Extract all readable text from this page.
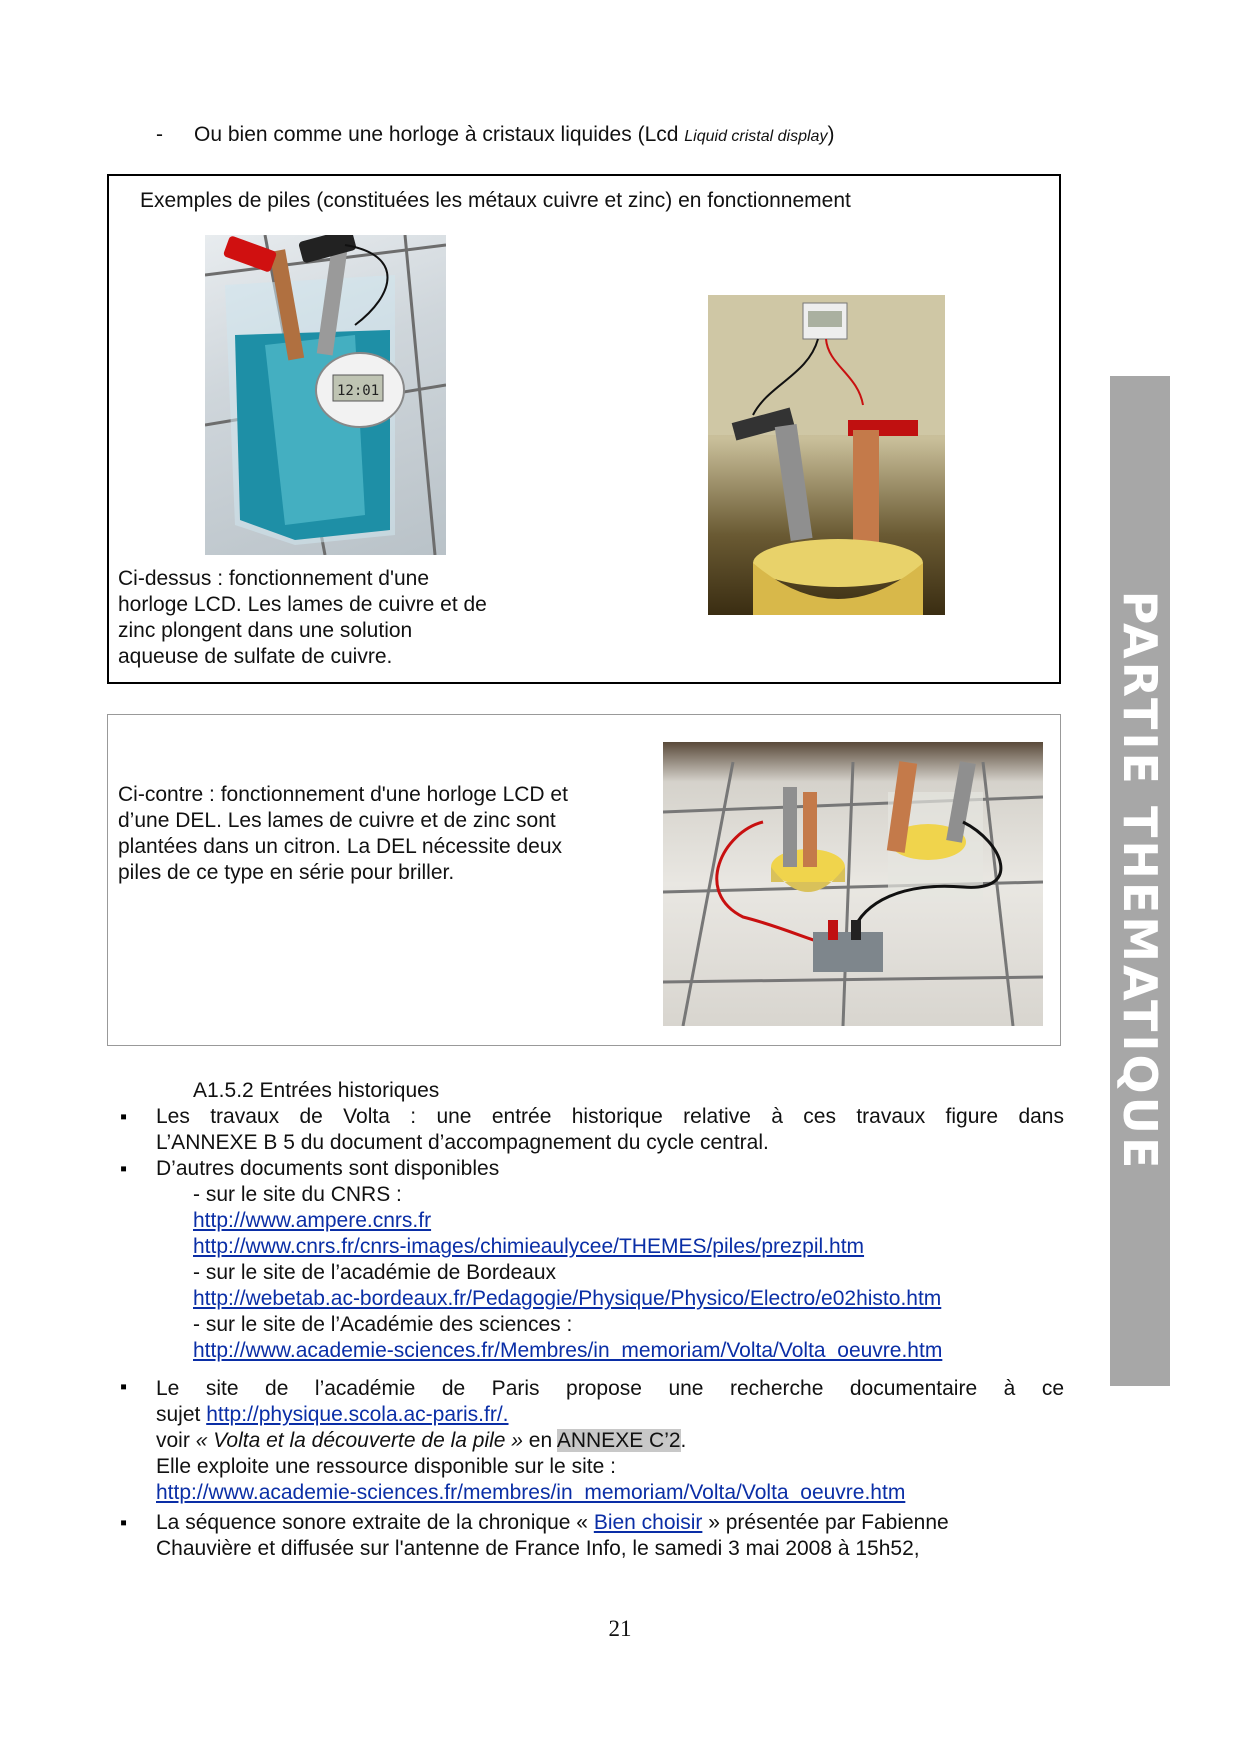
- Ou bien comme une horloge à cristaux liquides (Lcd Liquid cristal display)
Exemples de piles (constituées les métaux cuivre et zinc) en fonctionnement
12:01
Ci-dessus : fonctionnement d'une
horloge LCD. Les lames de cuivre et de
zinc plongent dans une solution
aqueuse de sulfate de cuivre.
Ci-contre : fonctionnement d'une horloge LCD et
d’une DEL. Les lames de cuivre et de zinc sont
plantées dans un citron. La DEL nécessite deux
piles de ce type en série pour briller.
A1.5.2 Entrées historiques
▪
Les travaux de Volta : une entrée historique relative à ces travaux figure dans
L’ANNEXE B 5 du document d’accompagnement du cycle central.
▪
D’autres documents sont disponibles
- sur le site du CNRS :
http://www.ampere.cnrs.fr
http://www.cnrs.fr/cnrs-images/chimieaulycee/THEMES/piles/prezpil.htm
- sur le site de l’académie de Bordeaux
http://webetab.ac-bordeaux.fr/Pedagogie/Physique/Physico/Electro/e02histo.htm
- sur le site de l’Académie des sciences :
http://www.academie-sciences.fr/Membres/in_memoriam/Volta/Volta_oeuvre.htm
▪
Le site de l’académie de Paris propose une recherche documentaire à ce
sujet http://physique.scola.ac-paris.fr/.
voir « Volta et la découverte de la pile » en ANNEXE C’2.
Elle exploite une ressource disponible sur le site :
http://www.academie-sciences.fr/membres/in_memoriam/Volta/Volta_oeuvre.htm
▪
La séquence sonore extraite de la chronique « Bien choisir » présentée par Fabienne
Chauvière et diffusée sur l'antenne de France Info, le samedi 3 mai 2008 à 15h52,
PARTIE THEMATIQUE
21
